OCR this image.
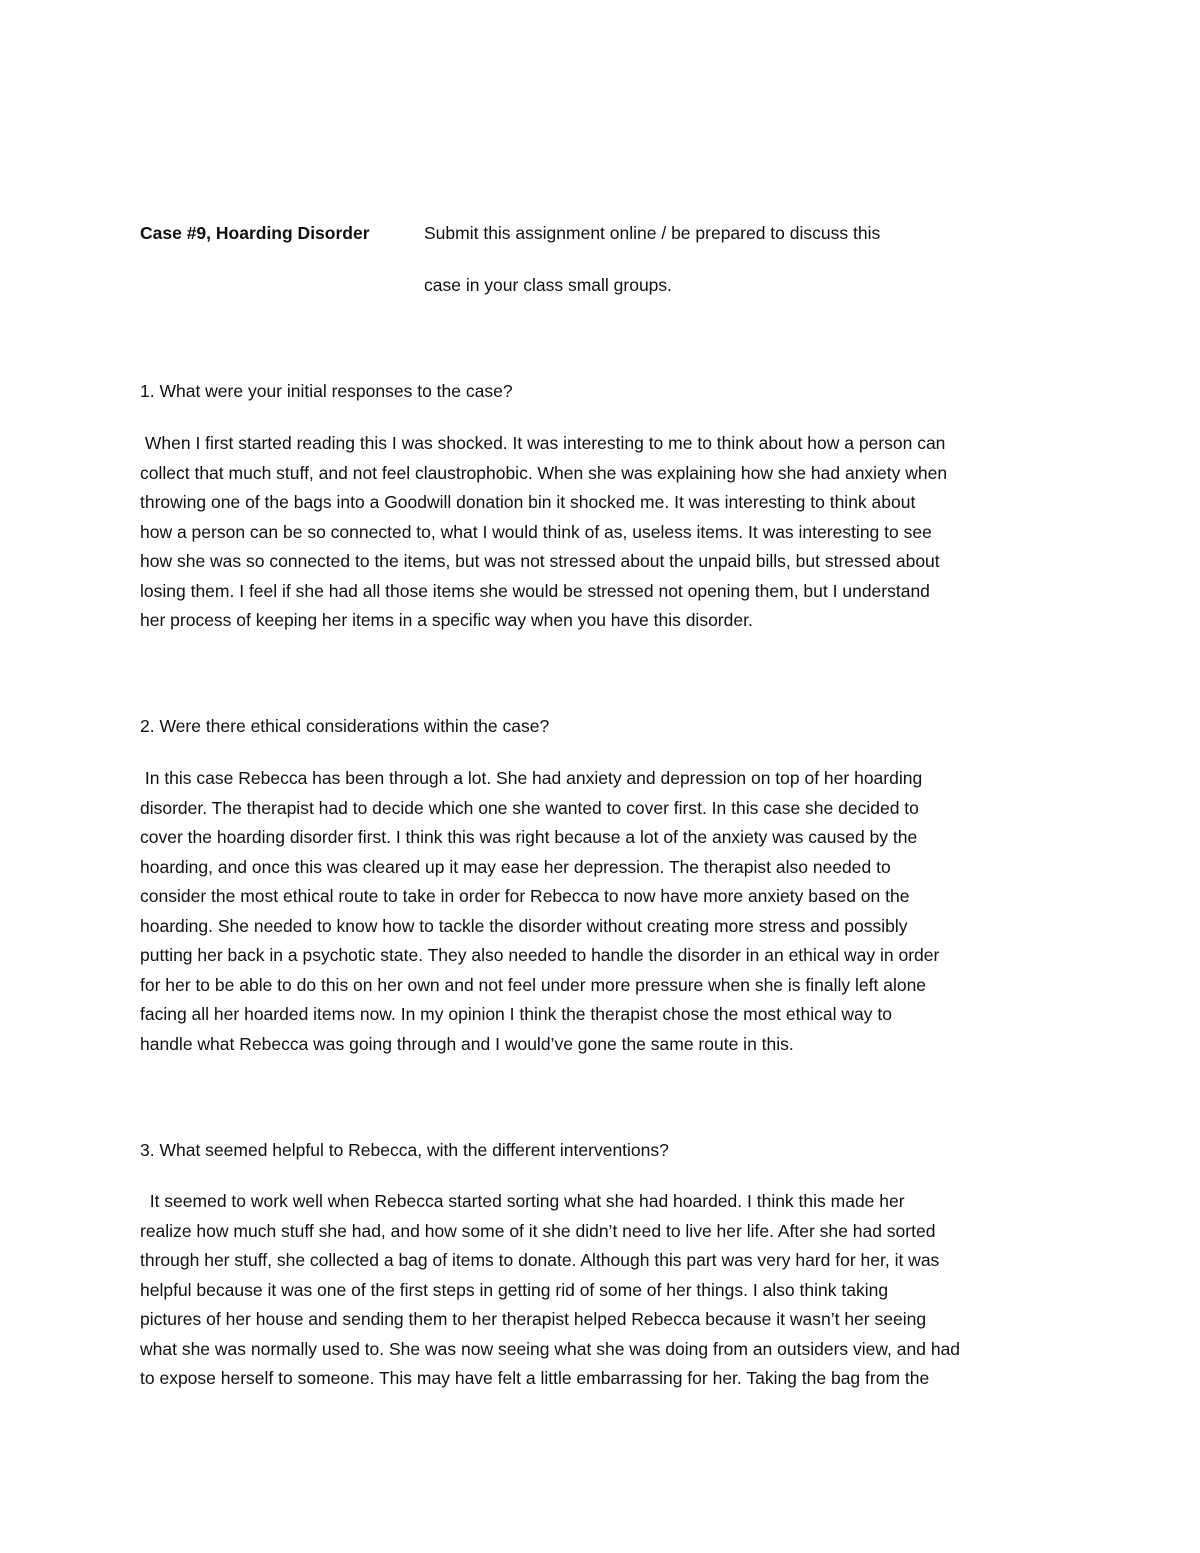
Case #9, Hoarding Disorder	Submit this assignment online / be prepared to discuss this
case in your class small groups.
1. What were your initial responses to the case?
When I first started reading this I was shocked. It was interesting to me to think about how a person can
collect that much stuff, and not feel claustrophobic. When she was explaining how she had anxiety when
throwing one of the bags into a Goodwill donation bin it shocked me. It was interesting to think about
how a person can be so connected to, what I would think of as, useless items. It was interesting to see
how she was so connected to the items, but was not stressed about the unpaid bills, but stressed about
losing them. I feel if she had all those items she would be stressed not opening them, but I understand
her process of keeping her items in a specific way when you have this disorder.
2. Were there ethical considerations within the case?
In this case Rebecca has been through a lot. She had anxiety and depression on top of her hoarding
disorder. The therapist had to decide which one she wanted to cover first. In this case she decided to
cover the hoarding disorder first. I think this was right because a lot of the anxiety was caused by the
hoarding, and once this was cleared up it may ease her depression. The therapist also needed to
consider the most ethical route to take in order for Rebecca to now have more anxiety based on the
hoarding. She needed to know how to tackle the disorder without creating more stress and possibly
putting her back in a psychotic state. They also needed to handle the disorder in an ethical way in order
for her to be able to do this on her own and not feel under more pressure when she is finally left alone
facing all her hoarded items now. In my opinion I think the therapist chose the most ethical way to
handle what Rebecca was going through and I would’ve gone the same route in this.
3. What seemed helpful to Rebecca, with the different interventions?
It seemed to work well when Rebecca started sorting what she had hoarded. I think this made her
realize how much stuff she had, and how some of it she didn’t need to live her life. After she had sorted
through her stuff, she collected a bag of items to donate. Although this part was very hard for her, it was
helpful because it was one of the first steps in getting rid of some of her things. I also think taking
pictures of her house and sending them to her therapist helped Rebecca because it wasn’t her seeing
what she was normally used to. She was now seeing what she was doing from an outsiders view, and had
to expose herself to someone. This may have felt a little embarrassing for her. Taking the bag from the
